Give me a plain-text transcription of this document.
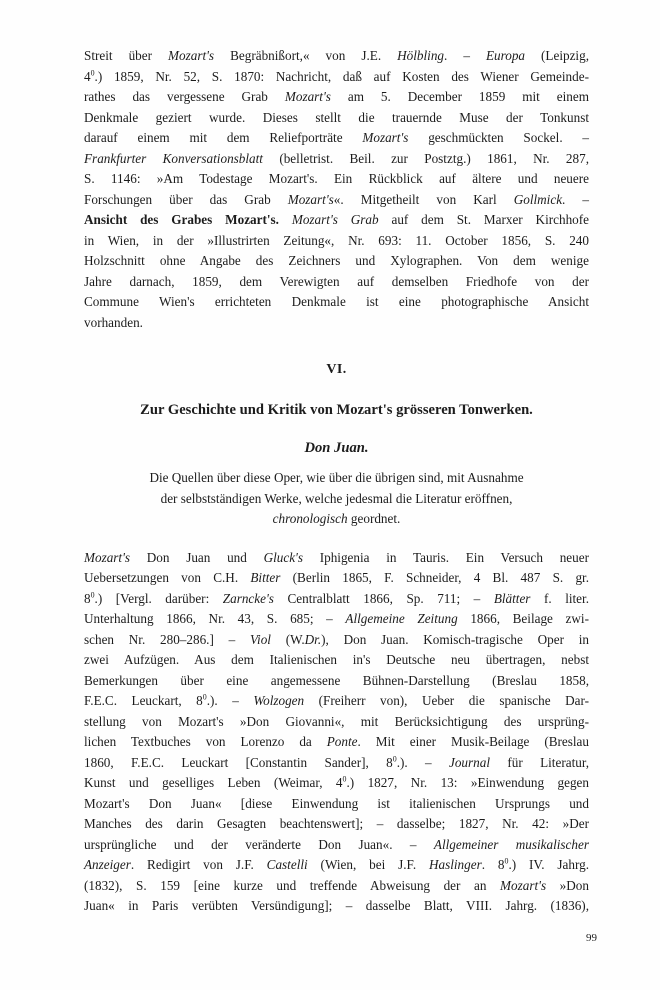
Streit über Mozart's Begräbnißort,« von J.E. Hölbling. – Europa (Leipzig,
$4^0$.) 1859, Nr. 52, S. 1870: Nachricht, daß auf Kosten des Wiener Gemeinde-
rathes das vergessene Grab Mozart's am 5. December 1859 mit einem
Denkmale geziert wurde. Dieses stellt die trauernde Muse der Tonkunst
darauf einem mit dem Reliefporträte Mozart's geschmückten Sockel. –
Frankfurter Konversationsblatt (belletrist. Beil. zur Postztg.) 1861, Nr. 287,
S. 1146: »Am Todestage Mozart's. Ein Rückblick auf ältere und neuere
Forschungen über das Grab Mozart's«. Mitgetheilt von Karl Gollmick. –
Ansicht des Grabes Mozart's. Mozart's Grab auf dem St. Marxer Kirchhofe
in Wien, in der »Illustrirten Zeitung«, Nr. 693: 11. October 1856, S. 240
Holzschnitt ohne Angabe des Zeichners und Xylographen. Von dem wenige
Jahre darnach, 1859, dem Verewigten auf demselben Friedhofe von der
Commune Wien's errichteten Denkmale ist eine photographische Ansicht
vorhanden.
VI.
Zur Geschichte und Kritik von Mozart's grösseren Tonwerken.
Don Juan.
Die Quellen über diese Oper, wie über die übrigen sind, mit Ausnahme
der selbstständigen Werke, welche jedesmal die Literatur eröffnen,
chronologisch geordnet.
Mozart's Don Juan und Gluck's Iphigenia in Tauris. Ein Versuch neuer
Uebersetzungen von C.H. Bitter (Berlin 1865, F. Schneider, 4 Bl. 487 S. gr.
$8^0$.) [Vergl. darüber: Zarncke's Centralblatt 1866, Sp. 711; – Blätter f. liter.
Unterhaltung 1866, Nr. 43, S. 685; – Allgemeine Zeitung 1866, Beilage zwi-
schen Nr. 280–286.] – Viol (W.Dr.), Don Juan. Komisch-tragische Oper in
zwei Aufzügen. Aus dem Italienischen in's Deutsche neu übertragen, nebst
Bemerkungen über eine angemessene Bühnen-Darstellung (Breslau 1858,
F.E.C. Leuckart, $8^0$.). – Wolzogen (Freiherr von), Ueber die spanische Dar-
stellung von Mozart's »Don Giovanni«, mit Berücksichtigung des ursprüng-
lichen Textbuches von Lorenzo da Ponte. Mit einer Musik-Beilage (Breslau
1860, F.E.C. Leuckart [Constantin Sander], $8^0$.). – Journal für Literatur,
Kunst und geselliges Leben (Weimar, $4^0$.) 1827, Nr. 13: »Einwendung gegen
Mozart's Don Juan« [diese Einwendung ist italienischen Ursprungs und
Manches des darin Gesagten beachtenswert]; – dasselbe; 1827, Nr. 42: »Der
ursprüngliche und der veränderte Don Juan«. – Allgemeiner musikalischer
Anzeiger. Redigirt von J.F. Castelli (Wien, bei J.F. Haslinger. $8^0$.) IV. Jahrg.
(1832), S. 159 [eine kurze und treffende Abweisung der an Mozart's »Don
Juan« in Paris verübten Versündigung]; – dasselbe Blatt, VIII. Jahrg. (1836),
99
